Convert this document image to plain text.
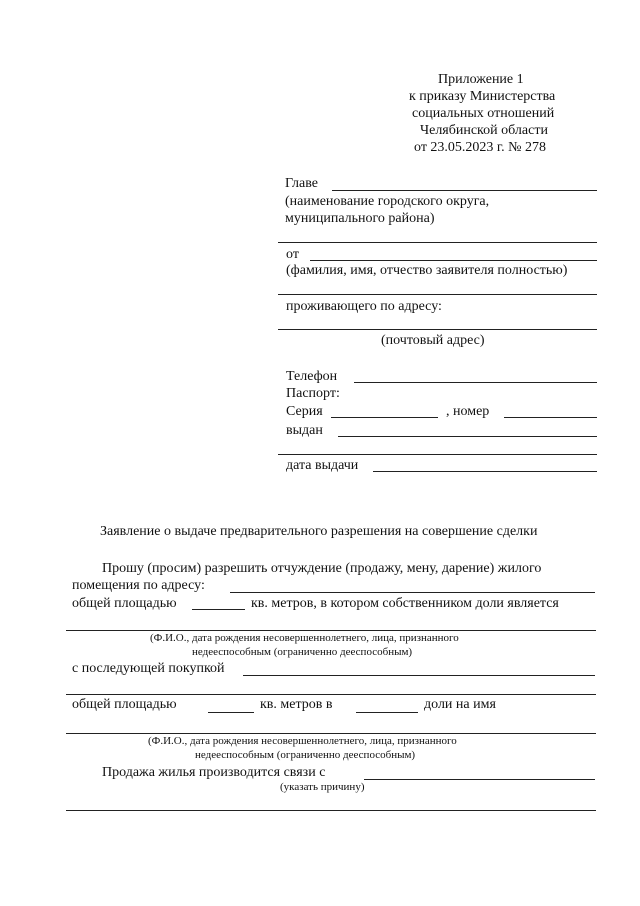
Приложение 1
к приказу Министерства
социальных отношений
Челябинской области
от 23.05.2023 г. № 278
Главе
(наименование городского округа,
муниципального района)
от
(фамилия, имя, отчество заявителя полностью)
проживающего по адресу:
(почтовый адрес)
Телефон
Паспорт:
Серия	, номер
выдан
дата выдачи
Заявление о выдаче предварительного разрешения на совершение сделки
Прошу (просим) разрешить отчуждение (продажу, мену, дарение) жилого
помещения по адресу:
общей площадью	кв. метров, в котором собственником доли является
(Ф.И.О., дата рождения несовершеннолетнего, лица, признанного
недееспособным (ограниченно дееспособным)
с последующей покупкой
общей площадью	кв. метров в	доли на имя
(Ф.И.О., дата рождения несовершеннолетнего, лица, признанного
недееспособным (ограниченно дееспособным)
Продажа жилья производится связи с
(указать причину)
